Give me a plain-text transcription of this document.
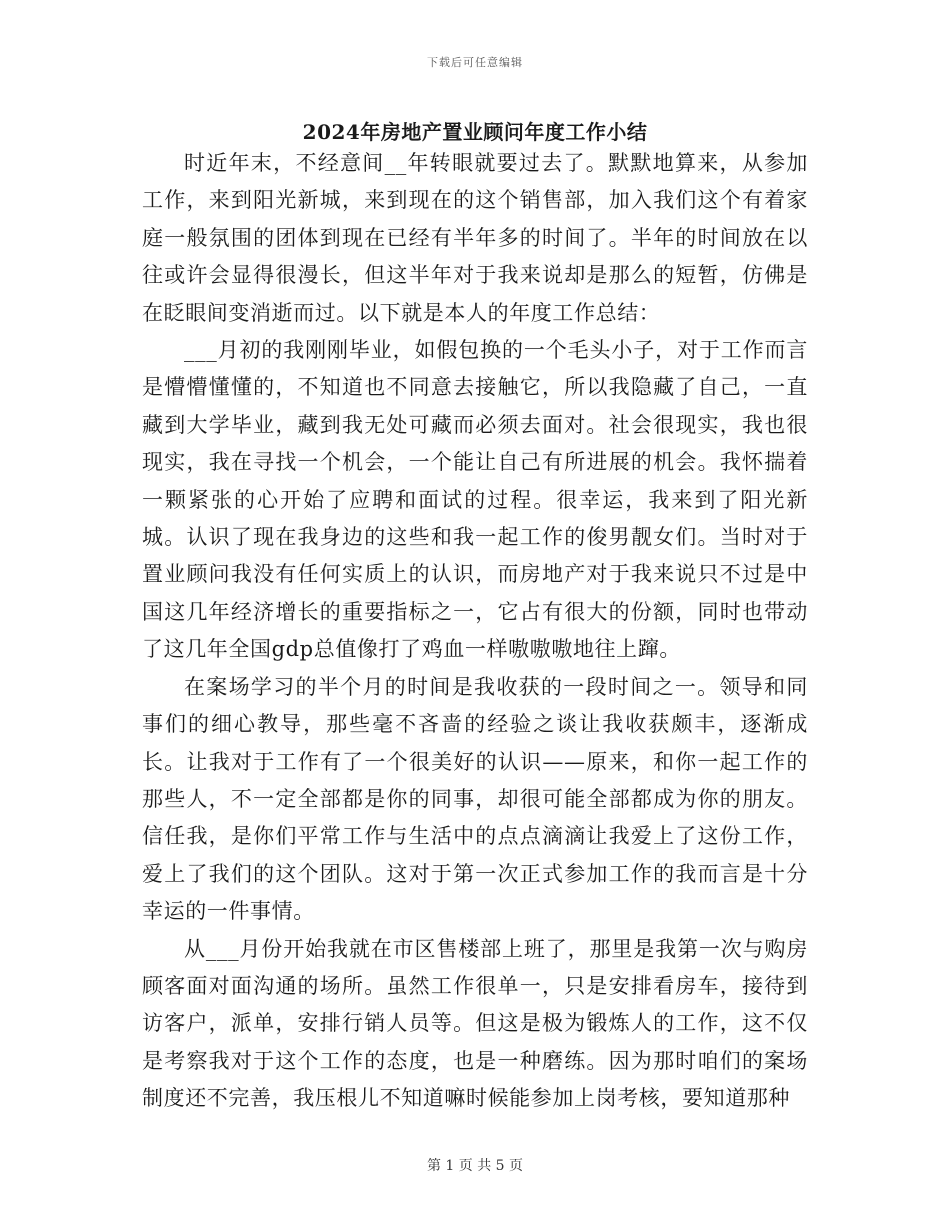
下载后可任意编辑
2024年房地产置业顾问年度工作小结

时近年末，不经意间__年转眼就要过去了。默默地算来，从参加工作，来到阳光新城，来到现在的这个销售部，加入我们这个有着家庭一般氛围的团体到现在已经有半年多的时间了。半年的时间放在以往或许会显得很漫长，但这半年对于我来说却是那么的短暂，仿佛是在眨眼间变消逝而过。以下就是本人的年度工作总结：

___月初的我刚刚毕业，如假包换的一个毛头小子，对于工作而言是懵懵懂懂的，不知道也不同意去接触它，所以我隐藏了自己，一直藏到大学毕业，藏到我无处可藏而必须去面对。社会很现实，我也很现实，我在寻找一个机会，一个能让自己有所进展的机会。我怀揣着一颗紧张的心开始了应聘和面试的过程。很幸运，我来到了阳光新城。认识了现在我身边的这些和我一起工作的俊男靓女们。当时对于置业顾问我没有任何实质上的认识，而房地产对于我来说只不过是中国这几年经济增长的重要指标之一，它占有很大的份额，同时也带动了这几年全国gdp总值像打了鸡血一样嗷嗷嗷地往上蹿。

在案场学习的半个月的时间是我收获的一段时间之一。领导和同事们的细心教导，那些毫不吝啬的经验之谈让我收获颇丰，逐渐成长。让我对于工作有了一个很美好的认识——原来，和你一起工作的那些人，不一定全部都是你的同事，却很可能全部都成为你的朋友。信任我，是你们平常工作与生活中的点点滴滴让我爱上了这份工作，爱上了我们的这个团队。这对于第一次正式参加工作的我而言是十分幸运的一件事情。

从___月份开始我就在市区售楼部上班了，那里是我第一次与购房顾客面对面沟通的场所。虽然工作很单一，只是安排看房车，接待到访客户，派单，安排行销人员等。但这是极为锻炼人的工作，这不仅是考察我对于这个工作的态度，也是一种磨练。因为那时咱们的案场制度还不完善，我压根儿不知道嘛时候能参加上岗考核，要知道那种

第 1 页 共 5 页
